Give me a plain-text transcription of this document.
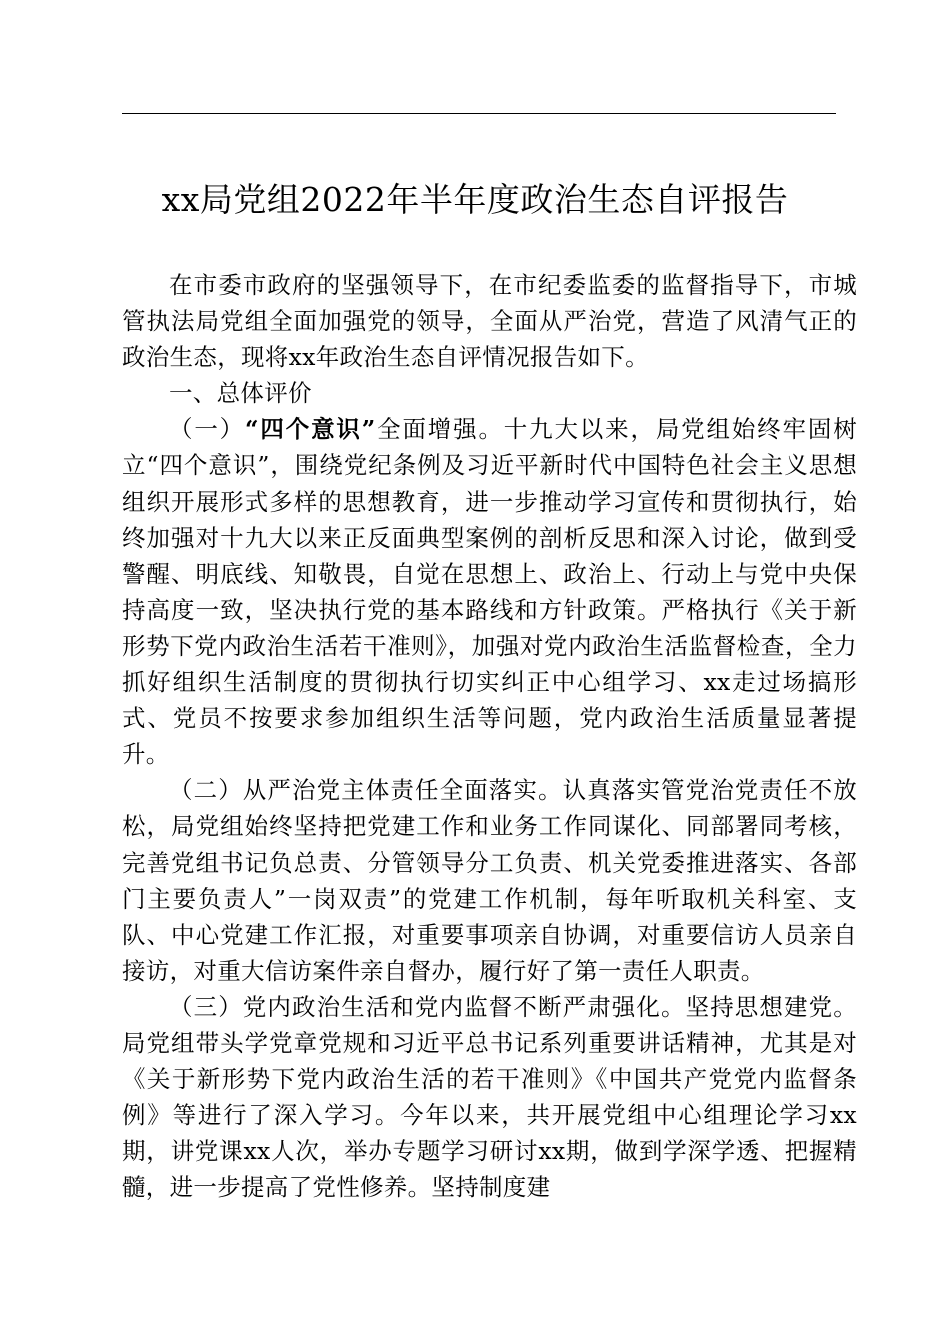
xx局党组2022年半年度政治生态自评报告

在市委市政府的坚强领导下，在市纪委监委的监督指导下，市城管执法局党组全面加强党的领导，全面从严治党，营造了风清气正的政治生态，现将xx年政治生态自评情况报告如下。

一、总体评价

（一）“四个意识”全面增强。十九大以来，局党组始终牢固树立“四个意识”，围绕党纪条例及习近平新时代中国特色社会主义思想组织开展形式多样的思想教育，进一步推动学习宣传和贯彻执行，始终加强对十九大以来正反面典型案例的剖析反思和深入讨论，做到受警醒、明底线、知敬畏，自觉在思想上、政治上、行动上与党中央保持高度一致，坚决执行党的基本路线和方针政策。严格执行《关于新形势下党内政治生活若干准则》，加强对党内政治生活监督检查，全力抓好组织生活制度的贯彻执行切实纠正中心组学习、xx走过场搞形式、党员不按要求参加组织生活等问题，党内政治生活质量显著提升。

（二）从严治党主体责任全面落实。认真落实管党治党责任不放松，局党组始终坚持把党建工作和业务工作同谋化、同部署同考核，完善党组书记负总责、分管领导分工负责、机关党委推进落实、各部门主要负责人”一岗双责”的党建工作机制，每年听取机关科室、支队、中心党建工作汇报，对重要事项亲自协调，对重要信访人员亲自接访，对重大信访案件亲自督办，履行好了第一责任人职责。

（三）党内政治生活和党内监督不断严肃强化。坚持思想建党。局党组带头学党章党规和习近平总书记系列重要讲话精神，尤其是对《关于新形势下党内政治生活的若干准则》《中国共产党党内监督条例》等进行了深入学习。今年以来，共开展党组中心组理论学习xx期，讲党课xx人次，举办专题学习研讨xx期，做到学深学透、把握精髓，进一步提高了党性修养。坚持制度建
